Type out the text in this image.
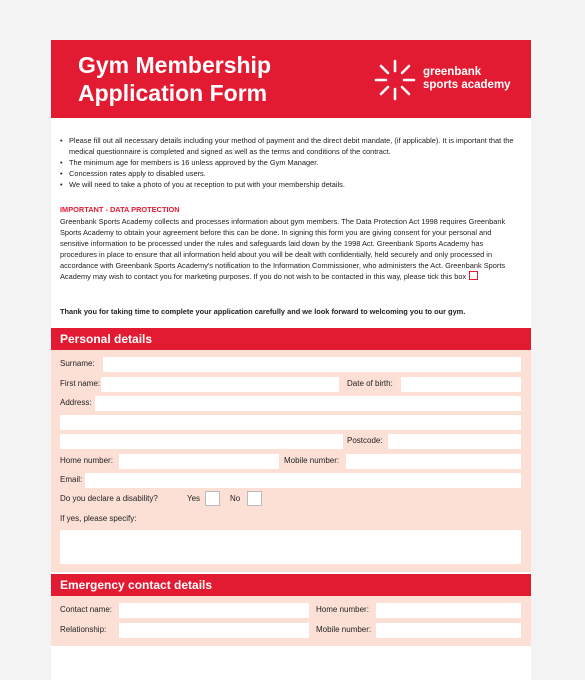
Gym Membership
Application Form
greenbank
sports academy
• Please fill out all necessary details including your method of payment and the direct debit mandate, (if applicable). It is important that the medical questionnaire is completed and signed as well as the terms and conditions of the contract.
• The minimum age for members is 16 unless approved by the Gym Manager.
• Concession rates apply to disabled users.
• We will need to take a photo of you at reception to put with your membership details.
IMPORTANT - DATA PROTECTION
Greenbank Sports Academy collects and processes information about gym members. The Data Protection Act 1998 requires Greenbank Sports Academy to obtain your agreement before this can be done. In signing this form you are giving consent for your personal and sensitive information to be processed under the rules and safeguards laid down by the 1998 Act. Greenbank Sports Academy has procedures in place to ensure that all information held about you will be dealt with confidentially, held securely and only processed in accordance with Greenbank Sports Academy's notification to the Information Commissioner, who administers the Act. Greenbank Sports Academy may wish to contact you for marketing purposes. If you do not wish to be contacted in this way, please tick this box
Thank you for taking time to complete your application carefully and we look forward to welcoming you to our gym.
Personal details
Surname:
First name:	Date of birth:
Address:
Postcode:
Home number:	Mobile number:
Email:
Do you declare a disability?	Yes	No
If yes, please specify:
Emergency contact details
Contact name:	Home number:
Relationship:	Mobile number:
